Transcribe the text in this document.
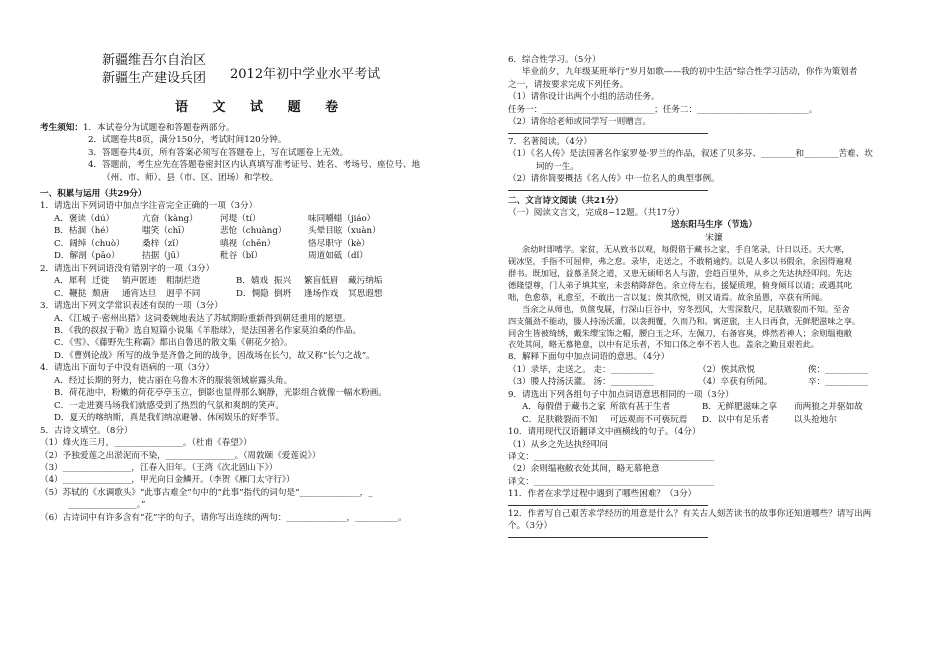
新疆维吾尔自治区
新疆生产建设兵团 2012年初中学业水平考试
语 文 试 题 卷
考生须知：1．本试卷分为试题卷和答题卷两部分。
2．试题卷共8页，满分150分，考试时间120分钟。
3．答题卷共4页，所有答案必须写在答题卷上，写在试题卷上无效。
4．答题前，考生应先在答题卷密封区内认真填写准考证号、姓名、考场号、座位号、地
（州、市、师）、县（市、区、团场）和学校。
一、积累与运用（共29分）
1．请选出下列词语中加点字注音完全正确的一项（3分）
A．褒读（dú）	亢奋（kàng）	河堤（tí）	味同嚼蜡（jiáo）
B．枯涸（hé）	嗤笑（chī）	悲怆（chuàng）	头晕目眩（xuàn）
C．阔绰（chuò） 桑梓（zǐ）	嗔视（chēn）	恪尽职守（kè）
D．解剖（pāo）	拮据（jū）	秕谷（bǐ）	周道如砥（dǐ）
2．请选出下列词语没有错别字的一项（3分）
A．犀利 迁徙 销声匿迹 粗制烂造	B．嬉戏 振兴 繁盲低眉 藏污纳垢
C．鞭挞 颓唐 通宵达旦 迥乎不同	D．惆隐 倒坍 逢场作戏 冥思遐想
3．请选出下列文学常识表述有误的一项（3分）
A．《江城子·密州出猎》这词委婉地表达了苏轼期盼重新得到朝廷重用的愿望。
B．《我的叔叔于勒》选自短篇小说集《羊脂球》，是法国著名作家莫泊桑的作品。
C．《雪》、《藤野先生称霸》都出自鲁迅的散文集《朝花夕拾》。
D．《曹刿论战》所写的战争是齐鲁之间的战争，因战场在长勺，故又称“长勺之战”。
4．请选出下面句子中没有语病的一项（3分）
A．经过长期的努力，使古丽在乌鲁木齐的服装领域崭露头角。
B．荷花池中，粉嫩的荷花亭亭玉立，倒影也显得那么娴静，光影组合就像一幅水粉画。
C．一走进赛马场我们就感受到了热烈的气氛和爽朗的笑声。
D．夏天的喀纳斯，真是我们纳凉避暑、休闲娱乐的好季节。
5．古诗文填空。（8分）
（1）烽火连三月，________________。（杜甫《春望》）
（2）予独爱莲之出淤泥而不染，________________。（周敦颐《爱莲说》）
（3）________________，江春入旧年。（王湾《次北固山下》）
（4）________________，甲光向日金鳞开。（李贺《雁门太守行》）
（5）苏轼的《水调歌头》“此事古难全”句中的“此事”指代的词句是“______________，_
________________。”
（6）古诗词中有许多含有“花”字的句子，请你写出连续的两句：______________，__________。
6．综合性学习。（5分）
毕业前夕，九年级某班举行“岁月如歌——我的初中生活”综合性学习活动，你作为策划者
之一，请按要求完成下列任务。
（1）请你设计出两个小组的活动任务。
任务一：__________________________；任务二：__________________________。
（2）请你给老师或同学写一则赠言。
7．名著阅读。（4分）
（1）《名人传》是法国著名作家罗曼·罗兰的作品，叙述了贝多芬、________和________苦难、坎
坷的一生。
（2）请你简要概括《名人传》中一位名人的典型事例。
二、文言诗文阅读（共21分）
（一）阅读文言文，完成8~12题。（共17分）
送东阳马生序（节选）
宋濂
余幼时即嗜学。家贫，无从致书以观，每假借于藏书之家，手自笔录，计日以还。天大寒，
砚冰坚，手指不可屈伸，弗之怠。录毕，走送之，不敢稍逾约。以是人多以书假余，余因得遍观
群书。既加冠，益慕圣贤之道，又患无硕师名人与游，尝趋百里外，从乡之先达执经叩问。先达
德隆望尊，门人弟子填其室，未尝稍降辞色。余立侍左右，援疑质理，俯身倾耳以请；或遇其叱
咄，色愈恭，礼愈至，不敢出一言以复；俟其欣悦，则又请焉。故余虽愚，卒获有所闻。
当余之从师也，负箧曳屣，行深山巨谷中，穷冬烈风，大雪深数尺，足肤皲裂而不知。至舍
四支僵劲不能动，媵人持汤沃灌，以衾拥覆，久而乃和。寓逆旅，主人日再食，无鲜肥滋味之享。
同舍生皆被绮绣，戴朱缨宝饰之帽，腰白玉之环，左佩刀，右备容臭，烨然若神人；余则缊袍敝
衣处其间，略无慕艳意，以中有足乐者，不知口体之奉不若人也。盖余之勤且艰若此。
8．解释下面句中加点词语的意思。（4分）
（1）录毕，走送之。 走：__________	（2）俟其欣悦	俟：__________
（3）媵人持汤沃灌。 汤：__________	（4）卒获有所闻。	卒：__________
9．请选出下列各组句子中加点词语意思相同的一项（3分）
A．每假借于藏书之家 所欲有甚于生者	B．无鲜肥滋味之享 而两狼之并驱如故
C．足肤皲裂而不知 可远观而不可亵玩焉 D．以中有足乐者	以头抢地尔
10．请用现代汉语翻译文中画横线的句子。（4分）
（1）从乡之先达执经叩问
译文：__________________________________________
（2）余则缊袍敝衣处其间，略无慕艳意
译文：__________________________________________
11．作者在求学过程中遇到了哪些困难？（3分）
12．作者写自己艰苦求学经历的用意是什么？有关古人刻苦读书的故事你还知道哪些？请写出两
个。（3分）
